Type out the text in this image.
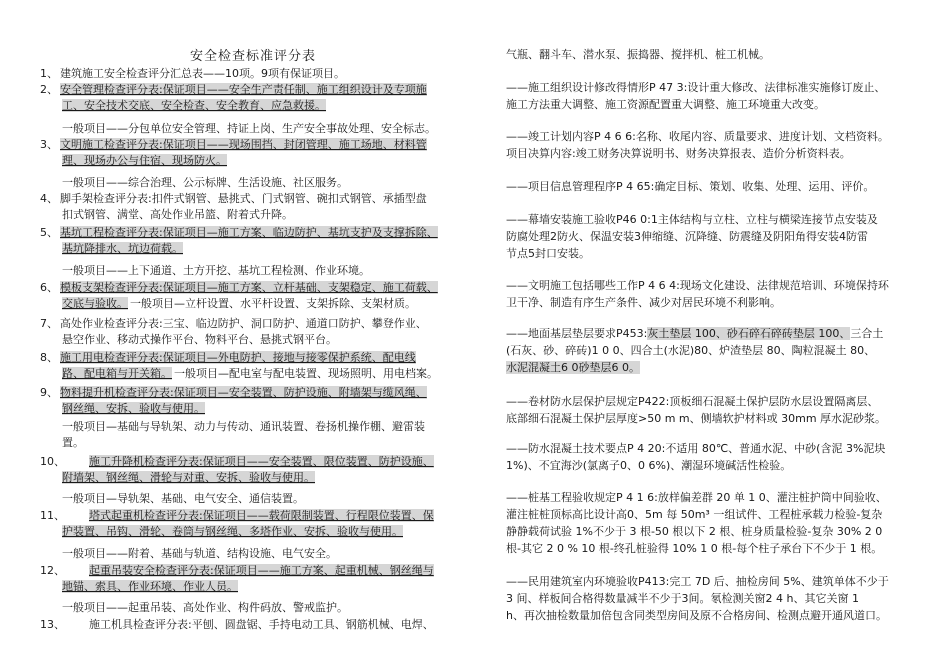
安全检查标准评分表
1、 建筑施工安全检查评分汇总表——10项。9项有保证项目。
2、 安全管理检查评分表:保证项目——安全生产责任制、施工组织设计及专项施
工、安全技术交底、安全检查、安全教育、应急救援。
一般项目——分包单位安全管理、持证上岗、生产安全事故处理、安全标志。
3、 文明施工检查评分表:保证项目——现场围挡、封闭管理、施工场地、材料管
理、现场办公与住宿、现场防火。
一般项目——综合治理、公示标牌、生活设施、社区服务。
4、 脚手架检查评分表:扣件式钢管、悬挑式、门式钢管、碗扣式钢管、承插型盘
扣式钢管、满堂、高处作业吊篮、附着式升降。
5、 基坑工程检查评分表:保证项目—施工方案、临边防护、基坑支护及支撑拆除、
基坑降排水、坑边荷载。
一般项目——上下通道、土方开挖、基坑工程检测、作业环境。
6、 模板支架检查评分表:保证项目—施工方案、立杆基础、支架稳定、施工荷载、
交底与验收。 一般项目—立杆设置、水平杆设置、支架拆除、支架材质。
7、 高处作业检查评分表:三宝、临边防护、洞口防护、通道口防护、攀登作业、
悬空作业、移动式操作平台、物料平台、悬挑式钢平台。
8、 施工用电检查评分表:保证项目—外电防护、接地与接零保护系统、配电线
路、配电箱与开关箱。 一般项目—配电室与配电装置、现场照明、用电档案。
9、 物料提升机检查评分表:保证项目—安全装置、防护设施、附墙架与缆风绳、
钢丝绳、安拆、验收与使用。
一般项目—基础与导轨架、动力与传动、通讯装置、卷扬机操作棚、避雷装
置。
10、 施工升降机检查评分表:保证项目——安全装置、限位装置、防护设施、
附墙架、钢丝绳、滑轮与对重、安拆、验收与使用。
一般项目—导轨架、基础、电气安全、通信装置。
11、 塔式起重机检查评分表:保证项目——载荷限制装置、行程限位装置、保
护装置、吊钩、滑轮、卷筒与钢丝绳、多塔作业、安拆、验收与使用。
一般项目——附着、基础与轨道、结构设施、电气安全。
12、 起重吊装安全检查评分表:保证项目——施工方案、起重机械、钢丝绳与
地锚、索具、作业环境、作业人员。
一般项目——起重吊装、高处作业、构件码放、警戒监护。
13、 施工机具检查评分表:平刨、圆盘锯、手持电动工具、钢筋机械、电焊、
气瓶、翻斗车、潜水泵、振捣器、搅拌机、桩工机械。
——施工组织设计修改得情形P 47 3:设计重大修改、法律标准实施修订废止、
施工方法重大调整、施工资源配置重大调整、施工环境重大改变。
——竣工计划内容P 4 6 6:名称、收尾内容、质量要求、进度计划、文档资料。
项目决算内容:竣工财务决算说明书、财务决算报表、造价分析资料表。
——项目信息管理程序P 4 65:确定目标、策划、收集、处理、运用、评价。
——幕墙安装施工验收P46 0:1主体结构与立柱、立柱与横梁连接节点安装及
防腐处理2防火、保温安装3伸缩缝、沉降缝、防震缝及阴阳角得安装4防雷
节点5封口安装。
——文明施工包括哪些工作P 4 6 4:现场文化建设、法律规范培训、环境保持环
卫干净、制造有序生产条件、减少对居民环境不利影响。
——地面基层垫层要求P453:灰土垫层 100、砂石碎石碎砖垫层 100、三合土
(石灰、砂、碎砖)1 0 0、四合土(水泥)80、炉渣垫层 80、陶粒混凝土 80、
水泥混凝土6 0砂垫层6 0。
——卷材防水层保护层规定P422:顶板细石混凝土保护层防水层设置隔离层、
底部细石混凝土保护层厚度>50 m m、侧墙软护材料或 30mm 厚水泥砂浆。
——防水混凝土技术要点P 4 20:不适用 80℃、普通水泥、中砂(含泥 3%泥块
1%)、不宜海沙(氯离子0、0 6%)、潮湿环境碱活性检验。
——桩基工程验收规定P 4 1 6:放样偏差群 20 单 1 0、灌注桩护筒中间验收、
灌注桩桩顶标高比设计高0、5m 每 50m³ 一组试件、工程桩承载力检验-复杂
静静载荷试验 1%不少于 3 根-50 根以下 2 根、桩身质量检验-复杂 30% 2 0
根-其它 2 0 % 10 根-终孔桩验得 10% 1 0 根-每个柱子承台下不少于 1 根。
——民用建筑室内环境验收P413:完工 7D 后、抽检房间 5%、建筑单体不少于
3 间、样板间合格得数量减半不少于3间。氡检测关窗2 4 h、其它关窗 1
h、再次抽检数量加倍包含同类型房间及原不合格房间、检测点避开通风道口。
